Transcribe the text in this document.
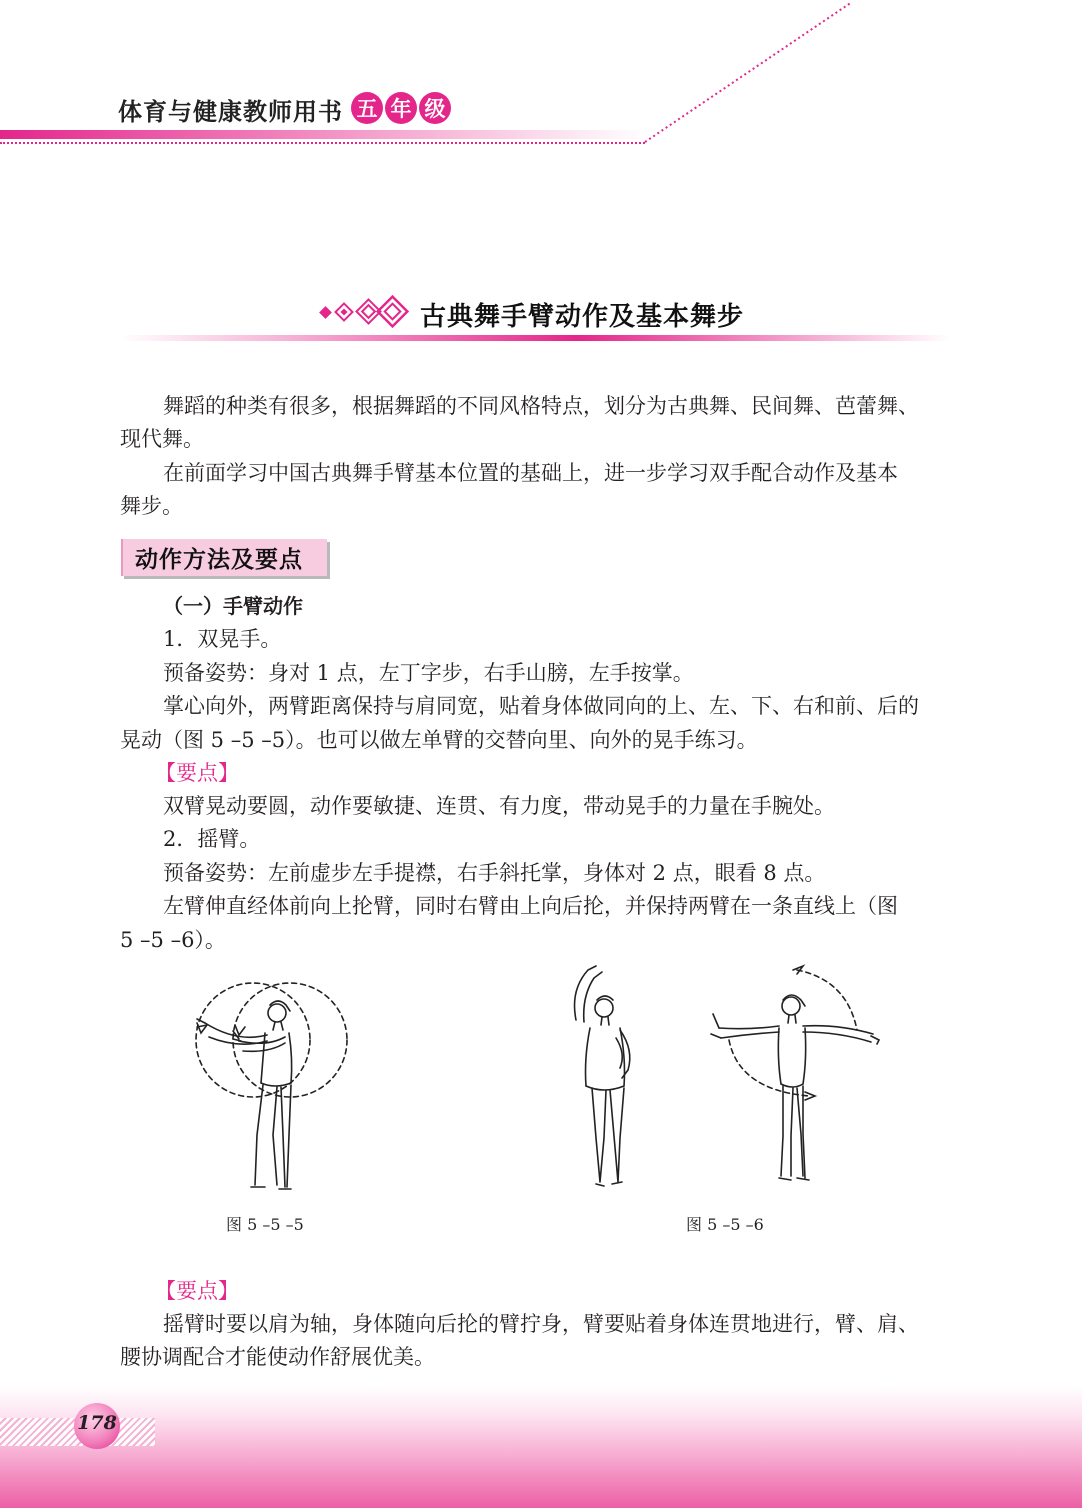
体育与健康教师用书 五 年 级
古典舞手臂动作及基本舞步
舞蹈的种类有很多，根据舞蹈的不同风格特点，划分为古典舞、民间舞、芭蕾舞、
现代舞。
在前面学习中国古典舞手臂基本位置的基础上，进一步学习双手配合动作及基本
舞步。
动作方法及要点
（一）手臂动作
1．双晃手。
预备姿势：身对 1 点，左丁字步，右手山膀，左手按掌。
掌心向外，两臂距离保持与肩同宽，贴着身体做同向的上、左、下、右和前、后的
晃动（图 5 –5 –5）。也可以做左单臂的交替向里、向外的晃手练习。
【要点】
双臂晃动要圆，动作要敏捷、连贯、有力度，带动晃手的力量在手腕处。
2．摇臂。
预备姿势：左前虚步左手提襟，右手斜托掌，身体对 2 点，眼看 8 点。
左臂伸直经体前向上抡臂，同时右臂由上向后抡，并保持两臂在一条直线上（图
5 –5 –6）。
图 5 –5 –5	图 5 –5 –6
【要点】
摇臂时要以肩为轴，身体随向后抡的臂拧身，臂要贴着身体连贯地进行，臂、肩、
腰协调配合才能使动作舒展优美。
178
